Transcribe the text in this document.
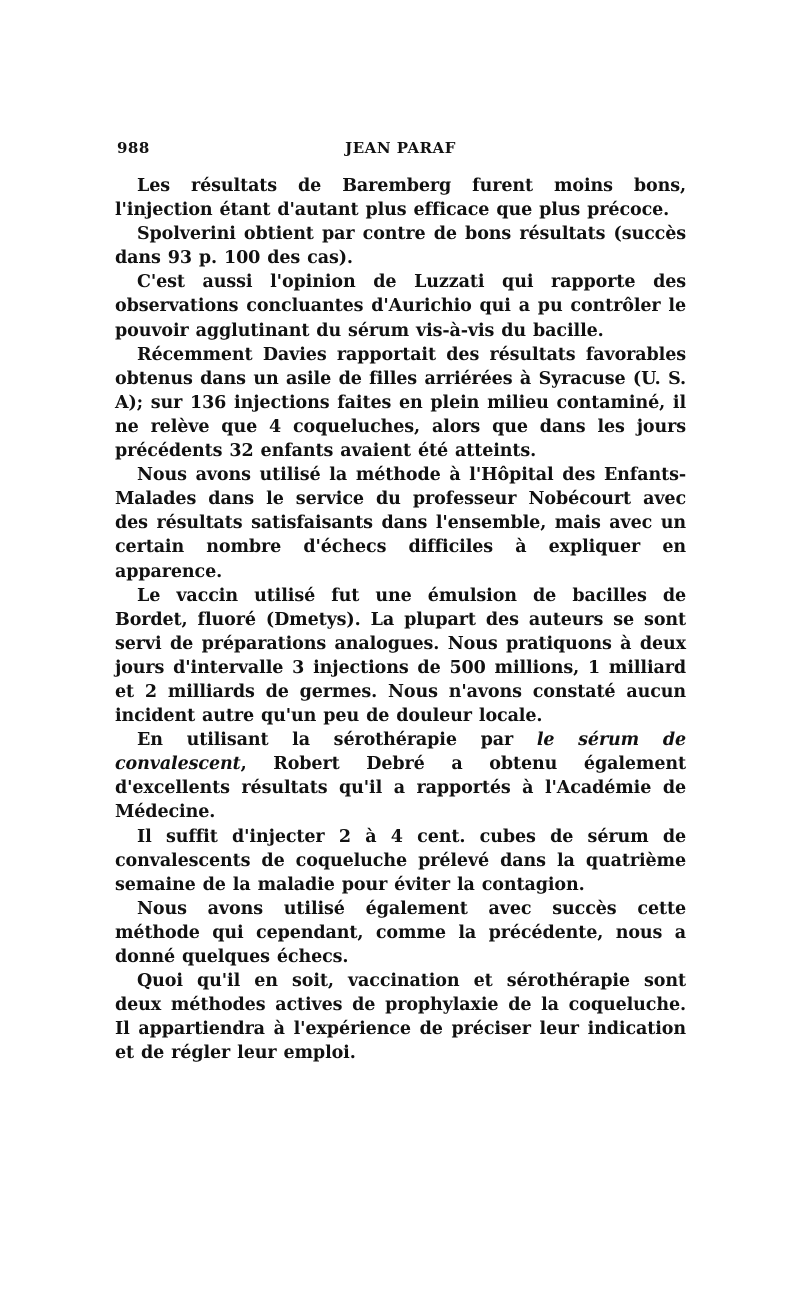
988	JEAN PARAF

Les résultats de Baremberg furent moins bons, l'injection étant d'autant plus efficace que plus précoce.

Spolverini obtient par contre de bons résultats (succès dans 93 p. 100 des cas).

C'est aussi l'opinion de Luzzati qui rapporte des observations concluantes d'Aurichio qui a pu contrôler le pouvoir agglutinant du sérum vis-à-vis du bacille.

Récemment Davies rapportait des résultats favorables obtenus dans un asile de filles arriérées à Syracuse (U. S. A); sur 136 injections faites en plein milieu contaminé, il ne relève que 4 coqueluches, alors que dans les jours précédents 32 enfants avaient été atteints.

Nous avons utilisé la méthode à l'Hôpital des Enfants-Malades dans le service du professeur Nobécourt avec des résultats satisfaisants dans l'ensemble, mais avec un certain nombre d'échecs difficiles à expliquer en apparence.

Le vaccin utilisé fut une émulsion de bacilles de Bordet, fluoré (Dmetys). La plupart des auteurs se sont servi de préparations analogues. Nous pratiquons à deux jours d'intervalle 3 injections de 500 millions, 1 milliard et 2 milliards de germes. Nous n'avons constaté aucun incident autre qu'un peu de douleur locale.

En utilisant la sérothérapie par le sérum de convalescent, Robert Debré a obtenu également d'excellents résultats qu'il a rapportés à l'Académie de Médecine.

Il suffit d'injecter 2 à 4 cent. cubes de sérum de convalescents de coqueluche prélevé dans la quatrième semaine de la maladie pour éviter la contagion.

Nous avons utilisé également avec succès cette méthode qui cependant, comme la précédente, nous a donné quelques échecs.

Quoi qu'il en soit, vaccination et sérothérapie sont deux méthodes actives de prophylaxie de la coqueluche. Il appartiendra à l'expérience de préciser leur indication et de régler leur emploi.
